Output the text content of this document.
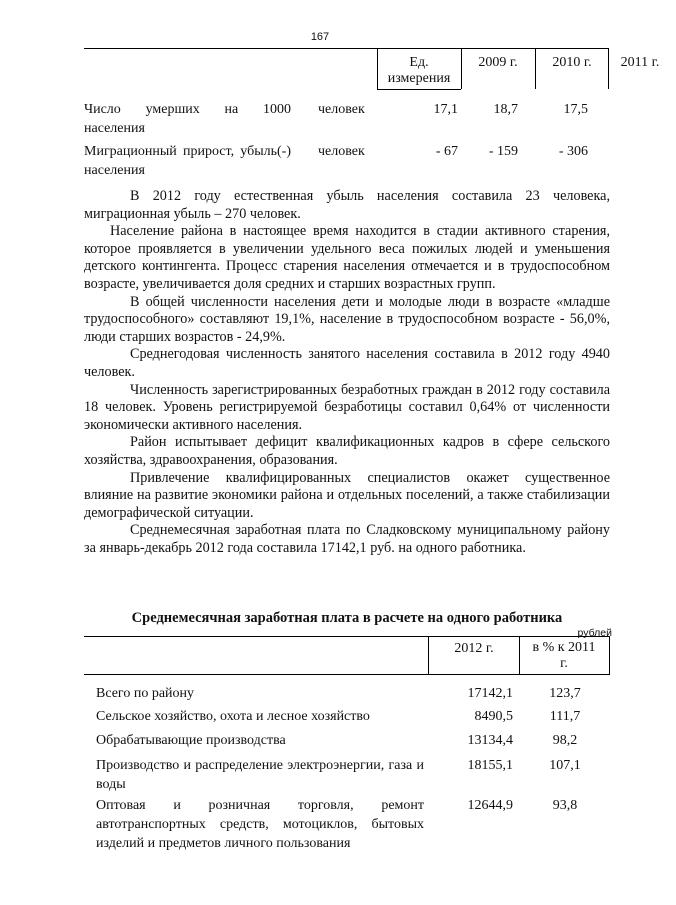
167
Ед. измерения
2009 г.	2010 г.	2011 г.
Число умерших на 1000 населения
человек	17,1	18,7	17,5
Миграционный прирост, убыль(-) населения
человек	- 67	- 159	- 306

В 2012 году естественная убыль населения составила 23 человека, миграционная убыль – 270 человек.

Население района в настоящее время находится в стадии активного старения, которое проявляется в увеличении удельного веса пожилых людей и уменьшения детского контингента. Процесс старения населения отмечается и в трудоспособном возрасте, увеличивается доля средних и старших возрастных групп.

В общей численности населения дети и молодые люди в возрасте «младше трудоспособного» составляют 19,1%, население в трудоспособном возрасте - 56,0%, люди старших возрастов - 24,9%.

Среднегодовая численность занятого населения составила в 2012 году 4940 человек.

Численность зарегистрированных безработных граждан в 2012 году составила 18 человек. Уровень регистрируемой безработицы составил 0,64% от численности экономически активного населения.

Район испытывает дефицит квалификационных кадров в сфере сельского хозяйства, здравоохранения, образования.

Привлечение квалифицированных специалистов окажет существенное влияние на развитие экономики района и отдельных поселений, а также стабилизации демографической ситуации.

Среднемесячная заработная плата по Сладковскому муниципальному району за январь-декабрь 2012 года составила 17142,1 руб. на одного работника.

Среднемесячная заработная плата в расчете на одного работника
рублей
2012 г.	в % к 2011 г.
Всего по району	17142,1	123,7
Сельское хозяйство, охота и лесное хозяйство	8490,5	111,7
Обрабатывающие производства	13134,4	98,2
Производство и распределение электроэнергии, газа и воды
18155,1	107,1
Оптовая и розничная торговля, ремонт автотранспортных средств, мотоциклов, бытовых изделий и предметов личного пользования
12644,9	93,8
